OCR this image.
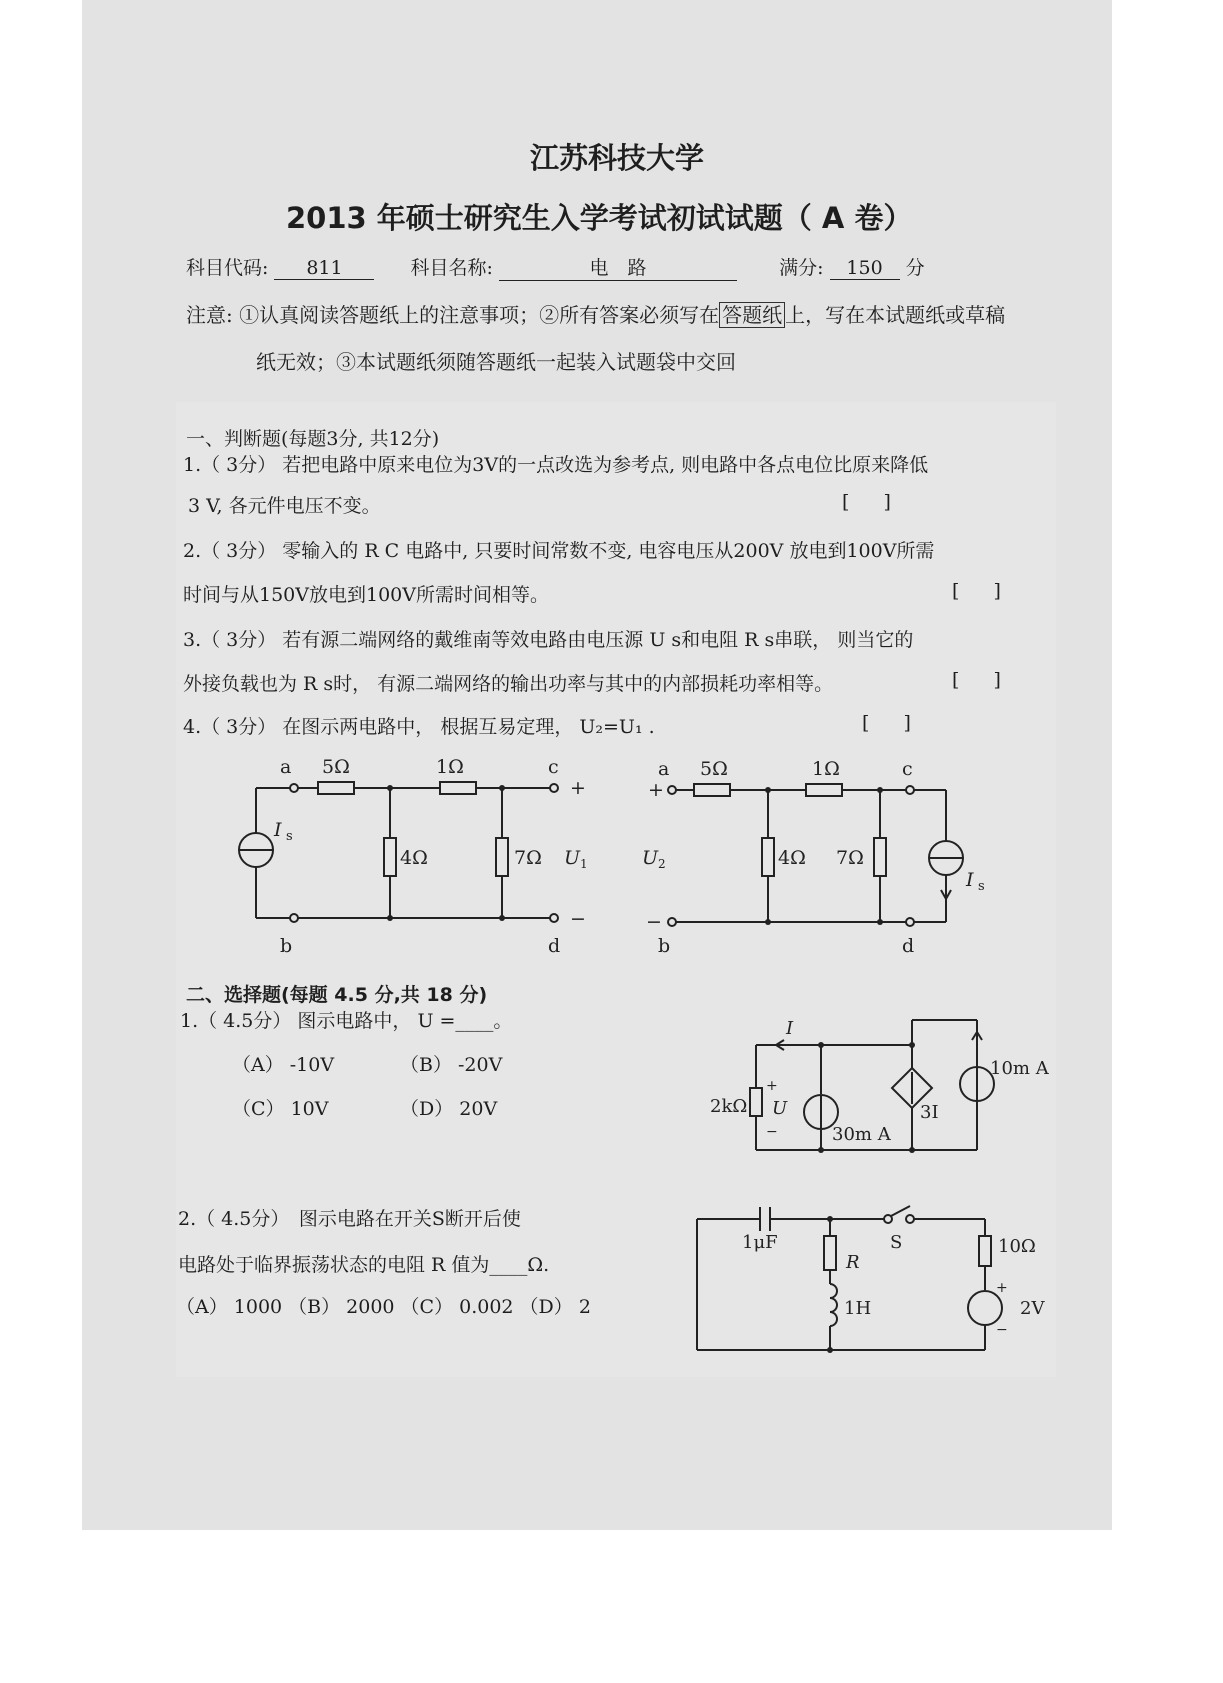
江苏科技大学
2013 年硕士研究生入学考试初试试题（ A 卷）
科目代码: 811	科目名称:	电　路	满分: 150 分
注意: ①认真阅读答题纸上的注意事项；②所有答案必须写在 答题纸 上，写在本试题纸或草稿
纸无效；③本试题纸须随答题纸一起装入试题袋中交回
一、判断题(每题3分, 共12分)
1.（ 3分） 若把电路中原来电位为3V的一点改选为参考点, 则电路中各点电位比原来降低
3 V, 各元件电压不变。	[ ]
2.（ 3分） 零输入的 R C 电路中, 只要时间常数不变, 电容电压从200V 放电到100V所需
时间与从150V放电到100V所需时间相等。	[ ]
3.（ 3分） 若有源二端网络的戴维南等效电路由电压源 U s和电阻 R s串联， 则当它的
外接负载也为 R s时， 有源二端网络的输出功率与其中的内部损耗功率相等。	[ ]
4.（ 3分） 在图示两电路中， 根据互易定理， U₂=U₁ .	[ ]
a 5Ω	1Ω	c
+
−
4Ω	7Ω U 1
I s
b	d
a 5Ω	1Ω	c
+
−
U 2	4Ω 7Ω
I s
b	d
I
2kΩ
+
U
−	30m A
3I
10m A
1μF
R
1H
S	10Ω
+
2V
−
二、选择题(每题 4.5 分,共 18 分)
1.（ 4.5分） 图示电路中， U =____。
（A） -10V	（B） -20V
（C） 10V	（D） 20V
2.（ 4.5分）　图示电路在开关S断开后使
电路处于临界振荡状态的电阻 R 值为____Ω.
（A） 1000 （B） 2000 （C） 0.002 （D） 2
